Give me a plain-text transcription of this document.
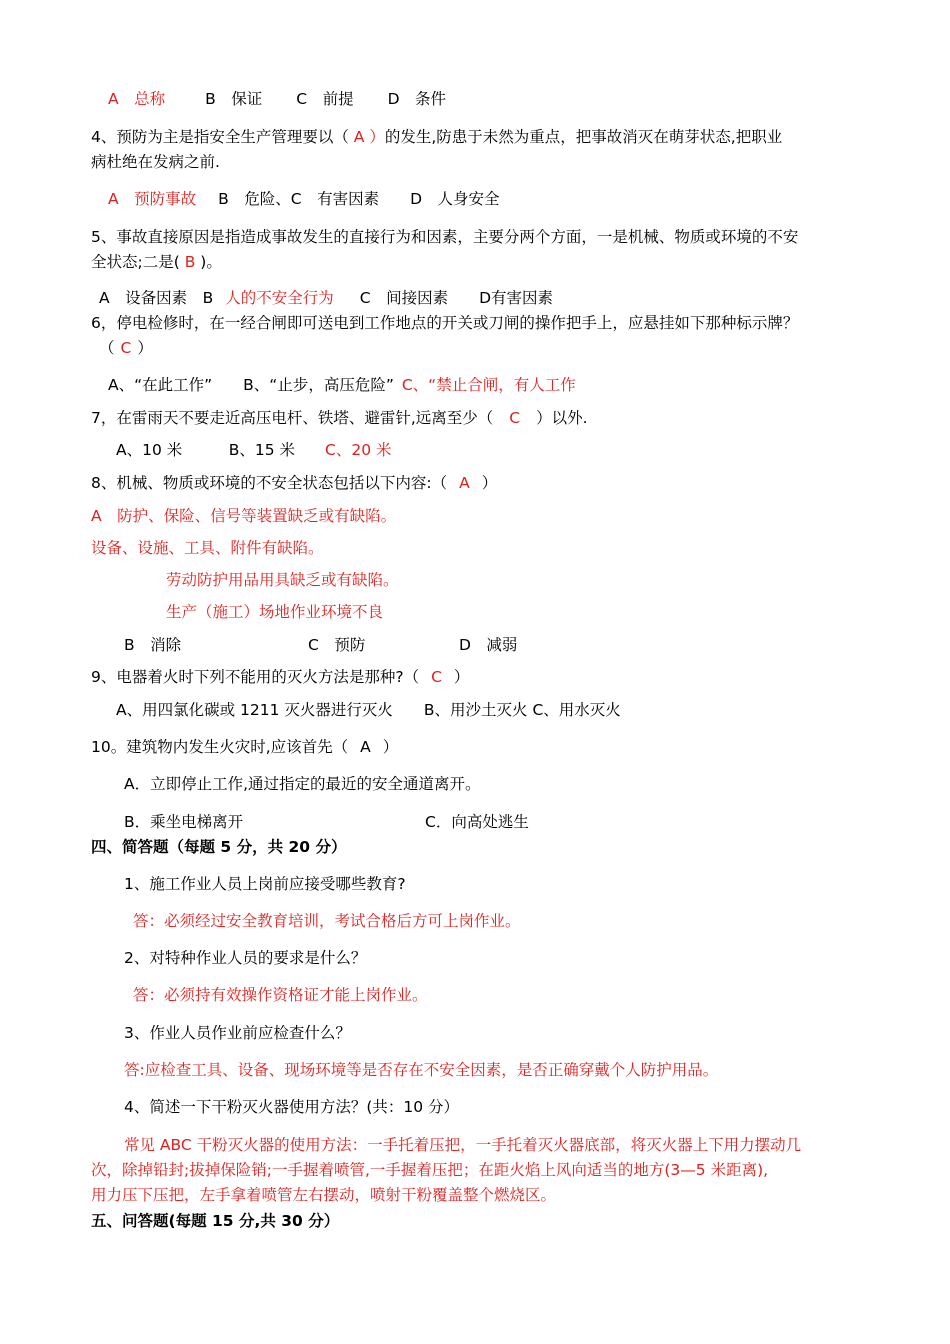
A　总称	B　保证 C　前提 D　条件
4、预防为主是指安全生产管理要以（ A ）的发生,防患于未然为重点，把事故消灭在萌芽状态,把职业
病杜绝在发病之前.
A　预防事故 B　危险、C　有害因素　　D　人身安全
5、事故直接原因是指造成事故发生的直接行为和因素，主要分两个方面，一是机械、物质或环境的不安
全状态;二是( B )。
A　设备因素　B 人的不安全行为 C　间接因素　　D有害因素
6，停电检修时，在一经合闸即可送电到工作地点的开关或刀闸的操作把手上，应悬挂如下那种标示牌？
（ C ）
A、“在此工作”　　B、“止步，高压危险” C、“禁止合闸，有人工作
7，在雷雨天不要走近高压电杆、铁塔、避雷针,远离至少（ C ）以外.
A、10 米　　　B、15 米 C、20 米
8、机械、物质或环境的不安全状态包括以下内容:（ A ）
A　防护、保险、信号等装置缺乏或有缺陷。
设备、设施、工具、附件有缺陷。
劳动防护用品用具缺乏或有缺陷。
生产（施工）场地作业环境不良
B　消除	C　预防	D　减弱
9、电器着火时下列不能用的灭火方法是那种?（ C ）
A、用四氯化碳或 1211 灭火器进行灭火　　B、用沙土灭火 C、用水灭火
10。建筑物内发生火灾时,应该首先（ A ）
A．立即停止工作,通过指定的最近的安全通道离开。
B．乘坐电梯离开	C．向高处逃生
四、简答题（每题 5 分，共 20 分）
1、施工作业人员上岗前应接受哪些教育?
答：必须经过安全教育培训，考试合格后方可上岗作业。
2、对特种作业人员的要求是什么？
答：必须持有效操作资格证才能上岗作业。
3、作业人员作业前应检查什么？
答:应检查工具、设备、现场环境等是否存在不安全因素，是否正确穿戴个人防护用品。
4、简述一下干粉灭火器使用方法？(共：10 分）
常见 ABC 干粉灭火器的使用方法：一手托着压把，一手托着灭火器底部，将灭火器上下用力摆动几
次，除掉铅封;拔掉保险销;一手握着喷管,一手握着压把；在距火焰上风向适当的地方(3—5 米距离),
用力压下压把，左手拿着喷管左右摆动，喷射干粉覆盖整个燃烧区。
五、问答题(每题 15 分,共 30 分）
